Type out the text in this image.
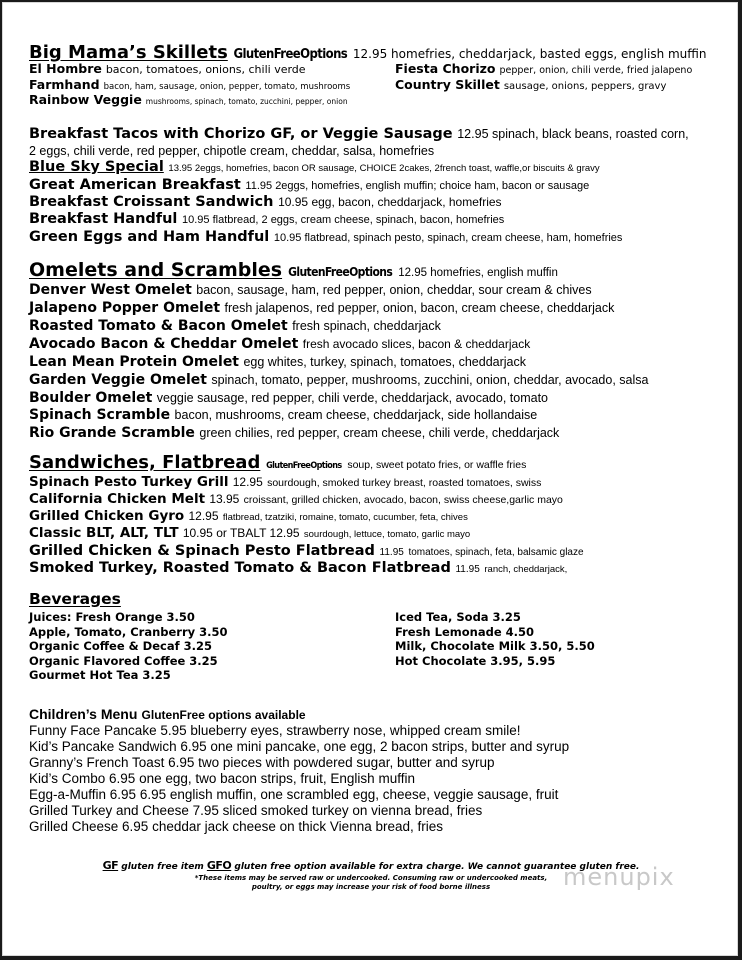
Big Mama’s Skillets GlutenFreeOptions 12.95 homefries, cheddarjack, basted eggs, english muffin
El Hombre bacon, tomatoes, onions, chili verde
Farmhand bacon, ham, sausage, onion, pepper, tomato, mushrooms
Rainbow Veggie mushrooms, spinach, tomato, zucchini, pepper, onion
Fiesta Chorizo pepper, onion, chili verde, fried jalapeno
Country Skillet sausage, onions, peppers, gravy
Breakfast Tacos with Chorizo GF, or Veggie Sausage 12.95 spinach, black beans, roasted corn,
2 eggs, chili verde, red pepper, chipotle cream, cheddar, salsa, homefries
Blue Sky Special 13.95 2eggs, homefries, bacon OR sausage, CHOICE 2cakes, 2french toast, waffle,or biscuits & gravy
Great American Breakfast 11.95 2eggs, homefries, english muffin; choice ham, bacon or sausage
Breakfast Croissant Sandwich 10.95 egg, bacon, cheddarjack, homefries
Breakfast Handful 10.95 flatbread, 2 eggs, cream cheese, spinach, bacon, homefries
Green Eggs and Ham Handful 10.95 flatbread, spinach pesto, spinach, cream cheese, ham, homefries
Omelets and Scrambles GlutenFreeOptions 12.95 homefries, english muffin
Denver West Omelet bacon, sausage, ham, red pepper, onion, cheddar, sour cream & chives
Jalapeno Popper Omelet fresh jalapenos, red pepper, onion, bacon, cream cheese, cheddarjack
Roasted Tomato & Bacon Omelet fresh spinach, cheddarjack
Avocado Bacon & Cheddar Omelet fresh avocado slices, bacon & cheddarjack
Lean Mean Protein Omelet egg whites, turkey, spinach, tomatoes, cheddarjack
Garden Veggie Omelet spinach, tomato, pepper, mushrooms, zucchini, onion, cheddar, avocado, salsa
Boulder Omelet veggie sausage, red pepper, chili verde, cheddarjack, avocado, tomato
Spinach Scramble bacon, mushrooms, cream cheese, cheddarjack, side hollandaise
Rio Grande Scramble green chilies, red pepper, cream cheese, chili verde, cheddarjack
Sandwiches, Flatbread GlutenFreeOptions soup, sweet potato fries, or waffle fries
Spinach Pesto Turkey Grill 12.95 sourdough, smoked turkey breast, roasted tomatoes, swiss
California Chicken Melt 13.95 croissant, grilled chicken, avocado, bacon, swiss cheese,garlic mayo
Grilled Chicken Gyro 12.95 flatbread, tzatziki, romaine, tomato, cucumber, feta, chives
Classic BLT, ALT, TLT 10.95 or TBALT 12.95 sourdough, lettuce, tomato, garlic mayo
Grilled Chicken & Spinach Pesto Flatbread 11.95 tomatoes, spinach, feta, balsamic glaze
Smoked Turkey, Roasted Tomato & Bacon Flatbread 11.95 ranch, cheddarjack,
Beverages
Juices: Fresh Orange 3.50
Apple, Tomato, Cranberry 3.50
Organic Coffee & Decaf 3.25
Organic Flavored Coffee 3.25
Gourmet Hot Tea 3.25
Iced Tea, Soda 3.25
Fresh Lemonade 4.50
Milk, Chocolate Milk 3.50, 5.50
Hot Chocolate 3.95, 5.95
Children’s Menu GlutenFree options available
Funny Face Pancake 5.95 blueberry eyes, strawberry nose, whipped cream smile!
Kid’s Pancake Sandwich 6.95 one mini pancake, one egg, 2 bacon strips, butter and syrup
Granny’s French Toast 6.95 two pieces with powdered sugar, butter and syrup
Kid’s Combo 6.95 one egg, two bacon strips, fruit, English muffin
Egg-a-Muffin 6.95 6.95 english muffin, one scrambled egg, cheese, veggie sausage, fruit
Grilled Turkey and Cheese 7.95 sliced smoked turkey on vienna bread, fries
Grilled Cheese 6.95 cheddar jack cheese on thick Vienna bread, fries
GF gluten free item GFO gluten free option available for extra charge. We cannot guarantee gluten free.
*These items may be served raw or undercooked. Consuming raw or undercooked meats,
poultry, or eggs may increase your risk of food borne illness	menupix
